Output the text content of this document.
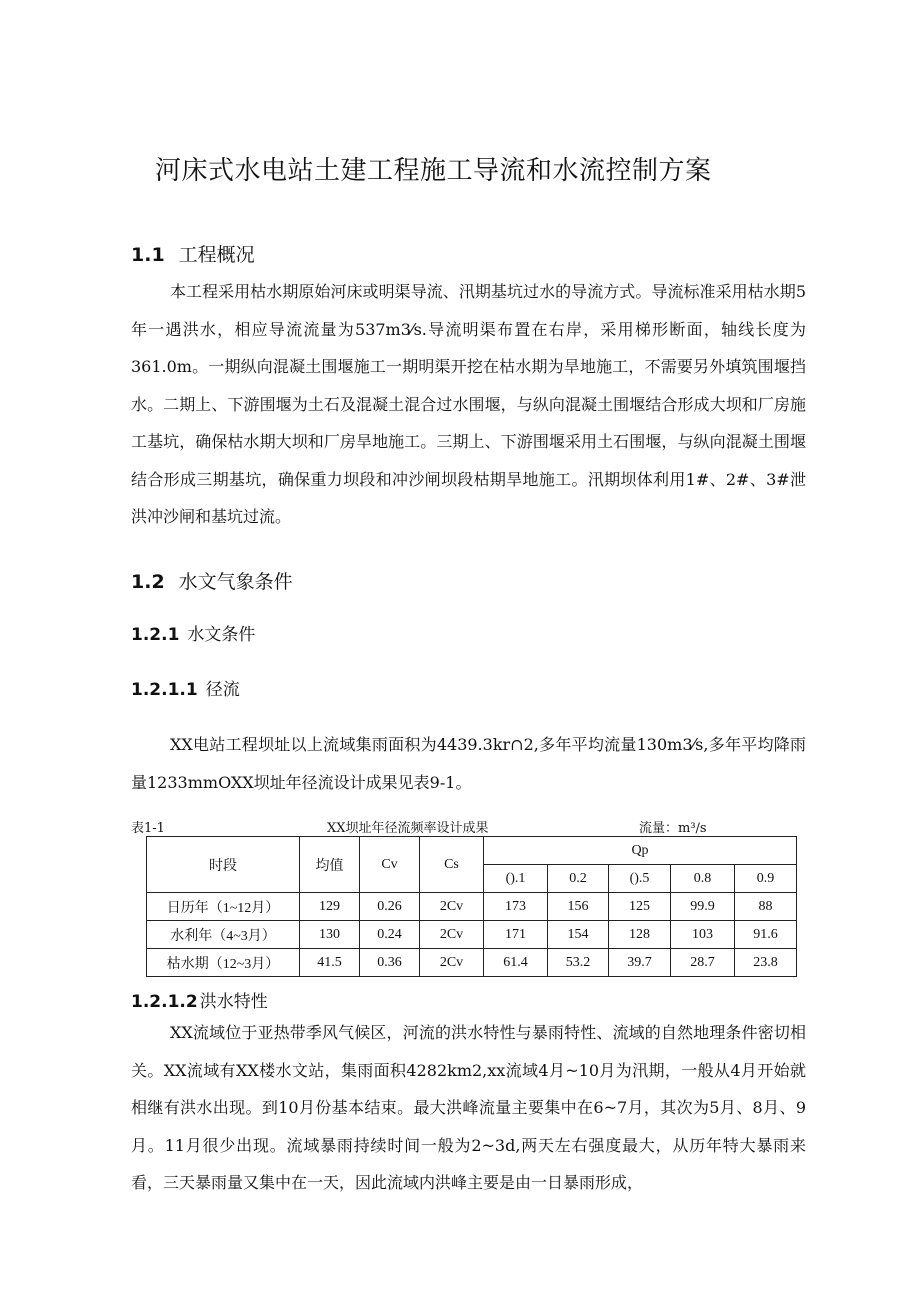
河床式水电站土建工程施工导流和水流控制方案
1.1 工程概况

本工程采用枯水期原始河床或明渠导流、汛期基坑过水的导流方式。导流标准采用枯水期5年一遇洪水，相应导流流量为537m3⁄s.导流明渠布置在右岸，采用梯形断面，轴线长度为361.0m。一期纵向混凝土围堰施工一期明渠开挖在枯水期为旱地施工，不需要另外填筑围堰挡水。二期上、下游围堰为土石及混凝土混合过水围堰，与纵向混凝土围堰结合形成大坝和厂房施工基坑，确保枯水期大坝和厂房旱地施工。三期上、下游围堰采用土石围堰，与纵向混凝土围堰结合形成三期基坑，确保重力坝段和冲沙闸坝段枯期旱地施工。汛期坝体利用1#、2#、3#泄洪冲沙闸和基坑过流。

1.2 水文气象条件
1.2.1 水文条件
1.2.1.1 径流

XX电站工程坝址以上流域集雨面积为4439.3kr∩2,多年平均流量130m3⁄s,多年平均降雨量1233mmOXX坝址年径流设计成果见表9-1。

表1-1	XX坝址年径流频率设计成果	流量：m³/s
时段	均值	Cv	Cs	Qp				
				().1	0.2	().5	0.8	0.9
日历年（1~12月）	129	0.26	2Cv	173	156	125	99.9	88
水利年（4~3月）	130	0.24	2Cv	171	154	128	103	91.6
枯水期（12~3月）	41.5	0.36	2Cv	61.4	53.2	39.7	28.7	23.8
1.2.1.2 洪水特性

XX流域位于亚热带季风气候区，河流的洪水特性与暴雨特性、流域的自然地理条件密切相关。XX流域有XX楼水文站，集雨面积4282km2,xx流域4月~10月为汛期，一般从4月开始就相继有洪水出现。到10月份基本结束。最大洪峰流量主要集中在6~7月，其次为5月、8月、9月。11月很少出现。流域暴雨持续时间一般为2~3d,两天左右强度最大，从历年特大暴雨来看，三天暴雨量又集中在一天，因此流域内洪峰主要是由一日暴雨形成，
